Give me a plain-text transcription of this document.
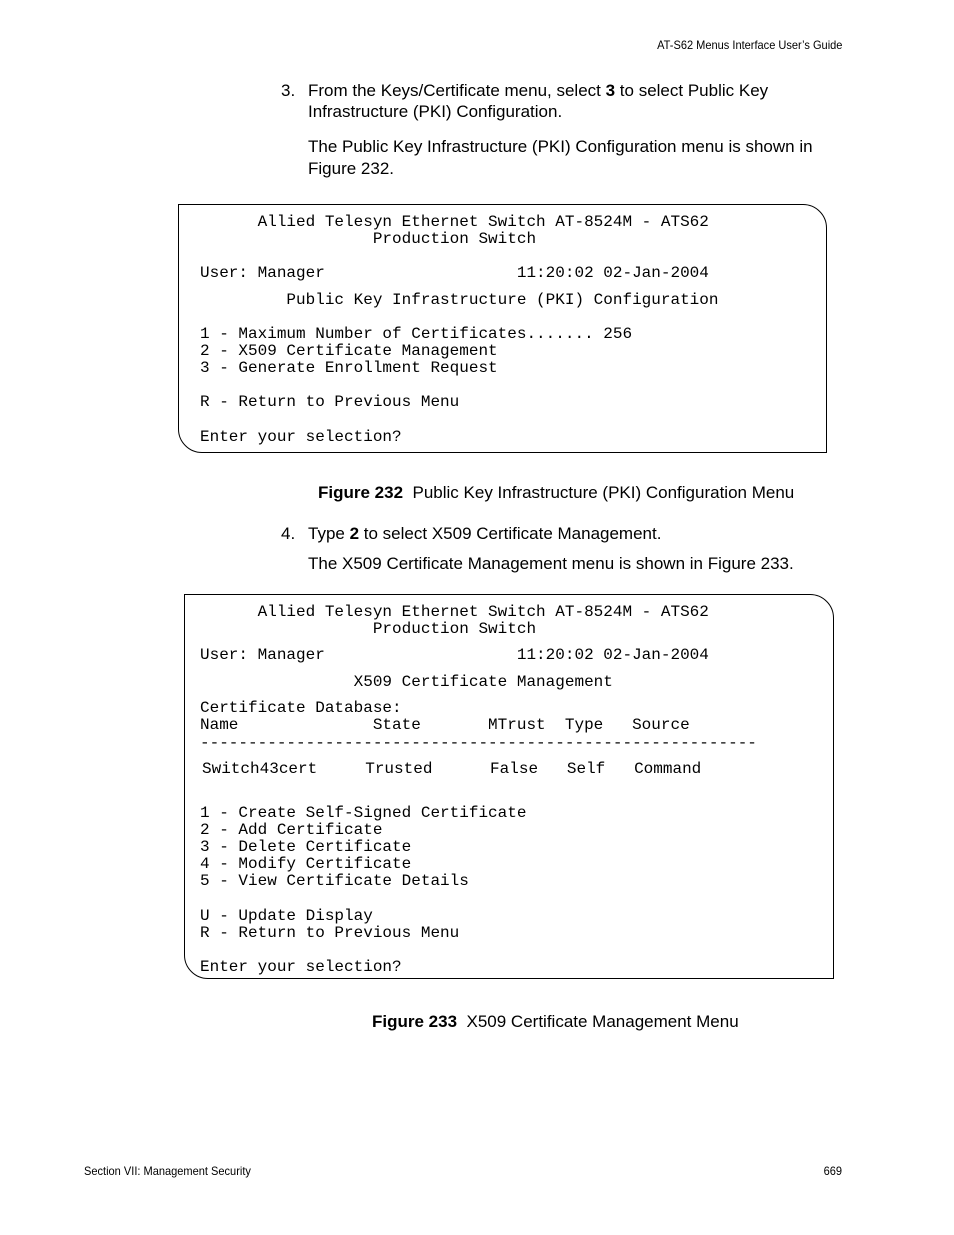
AT-S62 Menus Interface User’s Guide
3. From the Keys/Certificate menu, select 3 to select Public Key Infrastructure (PKI) Configuration.
The Public Key Infrastructure (PKI) Configuration menu is shown in Figure 232.
Allied Telesyn Ethernet Switch AT-8524M - ATS62
Production Switch
User: Manager                    11:20:02 02-Jan-2004
Public Key Infrastructure (PKI) Configuration
1 - Maximum Number of Certificates....... 256
2 - X509 Certificate Management
3 - Generate Enrollment Request
R - Return to Previous Menu
Enter your selection?
Figure 232 Public Key Infrastructure (PKI) Configuration Menu
4. Type 2 to select X509 Certificate Management.
The X509 Certificate Management menu is shown in Figure 233.
Allied Telesyn Ethernet Switch AT-8524M - ATS62
Production Switch
User: Manager                    11:20:02 02-Jan-2004
X509 Certificate Management
Certificate Database:
Name              State       MTrust  Type   Source
----------------------------------------------------------
Switch43cert     Trusted      False   Self   Command
1 - Create Self-Signed Certificate
2 - Add Certificate
3 - Delete Certificate
4 - Modify Certificate
5 - View Certificate Details
U - Update Display
R - Return to Previous Menu
Enter your selection?
Figure 233 X509 Certificate Management Menu
Section VII: Management Security	669
